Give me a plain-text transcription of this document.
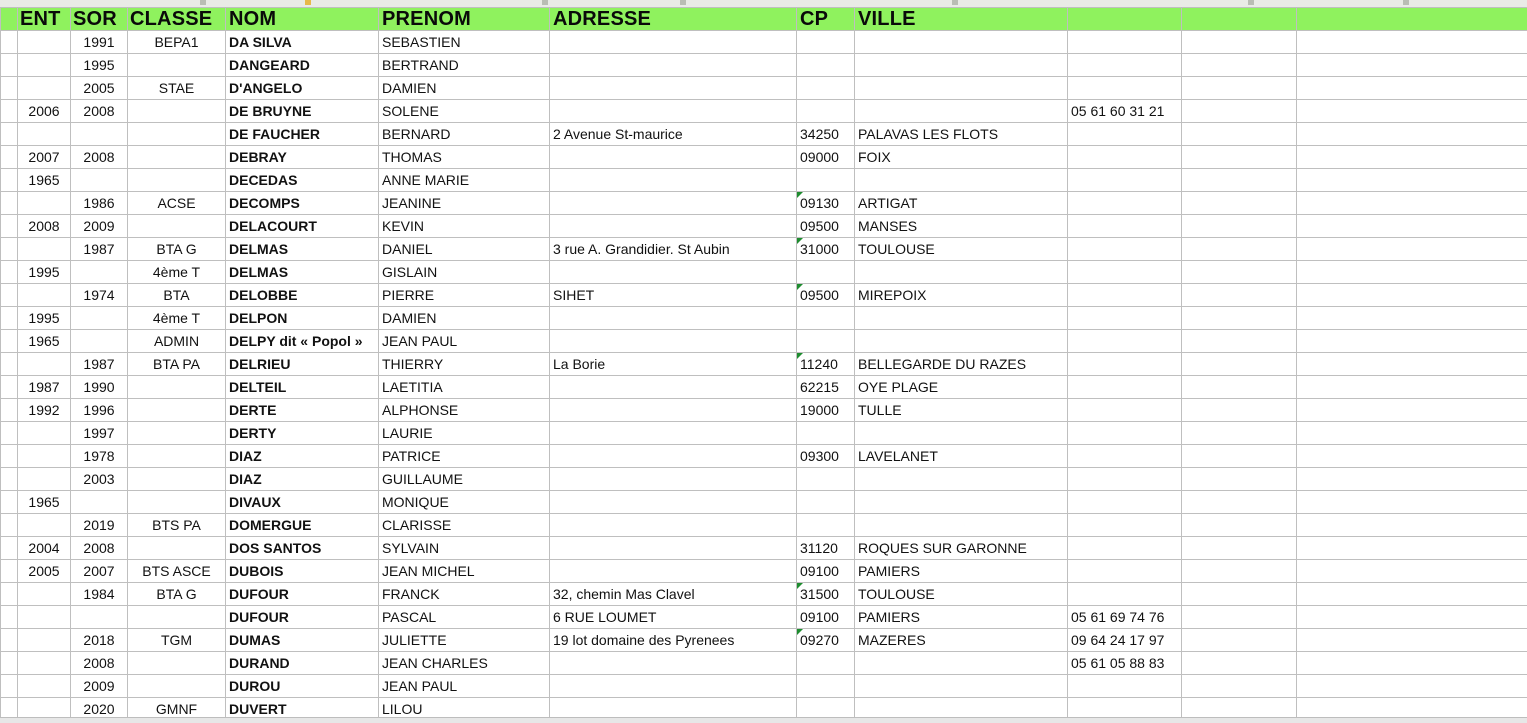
	ENT	SOR	CLASSE	NOM	PRENOM	ADRESSE	CP	VILLE			
		1991	BEPA1	DA SILVA	SEBASTIEN						
		1995		DANGEARD	BERTRAND						
		2005	STAE	D'ANGELO	DAMIEN						
	2006	2008		DE BRUYNE	SOLENE				05 61 60 31 21		
				DE FAUCHER	BERNARD	2 Avenue St-maurice	34250	PALAVAS LES FLOTS			
	2007	2008		DEBRAY	THOMAS		09000	FOIX			
	1965			DECEDAS	ANNE MARIE						
		1986	ACSE	DECOMPS	JEANINE		09130	ARTIGAT			
	2008	2009		DELACOURT	KEVIN		09500	MANSES			
		1987	BTA G	DELMAS	DANIEL	3 rue A. Grandidier. St Aubin	31000	TOULOUSE			
	1995		4ème T	DELMAS	GISLAIN						
		1974	BTA	DELOBBE	PIERRE	SIHET	09500	MIREPOIX			
	1995		4ème T	DELPON	DAMIEN						
	1965		ADMIN	DELPY dit « Popol »	JEAN PAUL						
		1987	BTA PA	DELRIEU	THIERRY	La Borie	11240	BELLEGARDE DU RAZES			
	1987	1990		DELTEIL	LAETITIA		62215	OYE PLAGE			
	1992	1996		DERTE	ALPHONSE		19000	TULLE			
		1997		DERTY	LAURIE						
		1978		DIAZ	PATRICE		09300	LAVELANET			
		2003		DIAZ	GUILLAUME						
	1965			DIVAUX	MONIQUE						
		2019	BTS PA	DOMERGUE	CLARISSE						
	2004	2008		DOS SANTOS	SYLVAIN		31120	ROQUES SUR GARONNE			
	2005	2007	BTS ASCE	DUBOIS	JEAN MICHEL		09100	PAMIERS			
		1984	BTA G	DUFOUR	FRANCK	32, chemin Mas Clavel	31500	TOULOUSE			
				DUFOUR	PASCAL	6 RUE LOUMET	09100	PAMIERS	05 61 69 74 76		
		2018	TGM	DUMAS	JULIETTE	19 lot domaine des Pyrenees	09270	MAZERES	09 64 24 17 97		
		2008		DURAND	JEAN CHARLES				05 61 05 88 83		
		2009		DUROU	JEAN PAUL						
		2020	GMNF	DUVERT	LILOU						
